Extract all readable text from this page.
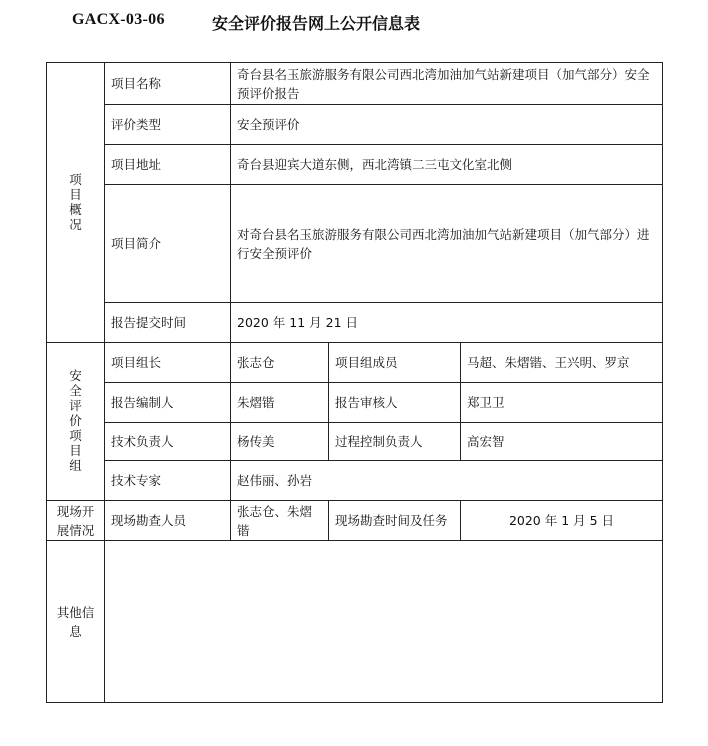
GACX-03-06	安全评价报告网上公开信息表
项目概况	项目名称	奇台县名玉旅游服务有限公司西北湾加油加气站新建项目（加气部分）安全预评价报告		
	评价类型	安全预评价		
	项目地址	奇台县迎宾大道东侧，西北湾镇二三屯文化室北侧		
	项目简介	对奇台县名玉旅游服务有限公司西北湾加油加气站新建项目（加气部分）进行安全预评价		
	报告提交时间	2020 年 11 月 21 日		
安全评价项目组	项目组长	张志仓	项目组成员	马超、朱熠锴、王兴明、罗京
	报告编制人	朱熠锴	报告审核人	郑卫卫
	技术负责人	杨传美	过程控制负责人	高宏智
	技术专家	赵伟丽、孙岩		
现场开展情况	现场勘查人员	张志仓、朱熠锴	现场勘查时间及任务	2020 年 1 月 5 日
其他信息				
